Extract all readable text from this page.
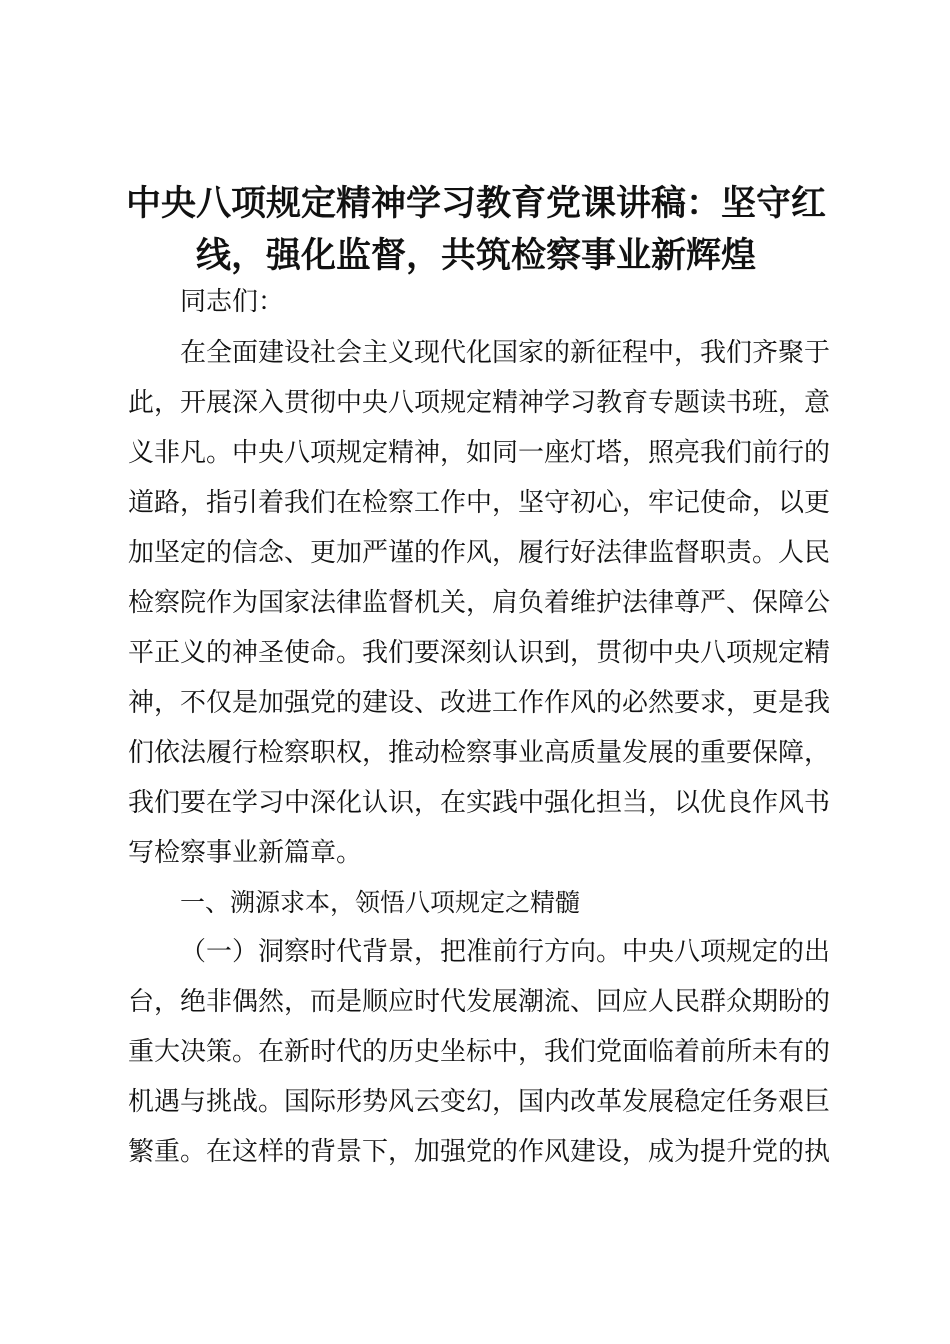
中央八项规定精神学习教育党课讲稿：坚守红
线，强化监督，共筑检察事业新辉煌
同志们：
在全面建设社会主义现代化国家的新征程中，我们齐聚于
此，开展深入贯彻中央八项规定精神学习教育专题读书班，意
义非凡。中央八项规定精神，如同一座灯塔，照亮我们前行的
道路，指引着我们在检察工作中，坚守初心，牢记使命，以更
加坚定的信念、更加严谨的作风，履行好法律监督职责。人民
检察院作为国家法律监督机关，肩负着维护法律尊严、保障公
平正义的神圣使命。我们要深刻认识到，贯彻中央八项规定精
神，不仅是加强党的建设、改进工作作风的必然要求，更是我
们依法履行检察职权，推动检察事业高质量发展的重要保障，
我们要在学习中深化认识，在实践中强化担当，以优良作风书
写检察事业新篇章。
一、溯源求本，领悟八项规定之精髓
（一）洞察时代背景，把准前行方向。中央八项规定的出
台，绝非偶然，而是顺应时代发展潮流、回应人民群众期盼的
重大决策。在新时代的历史坐标中，我们党面临着前所未有的
机遇与挑战。国际形势风云变幻，国内改革发展稳定任务艰巨
繁重。在这样的背景下，加强党的作风建设，成为提升党的执
